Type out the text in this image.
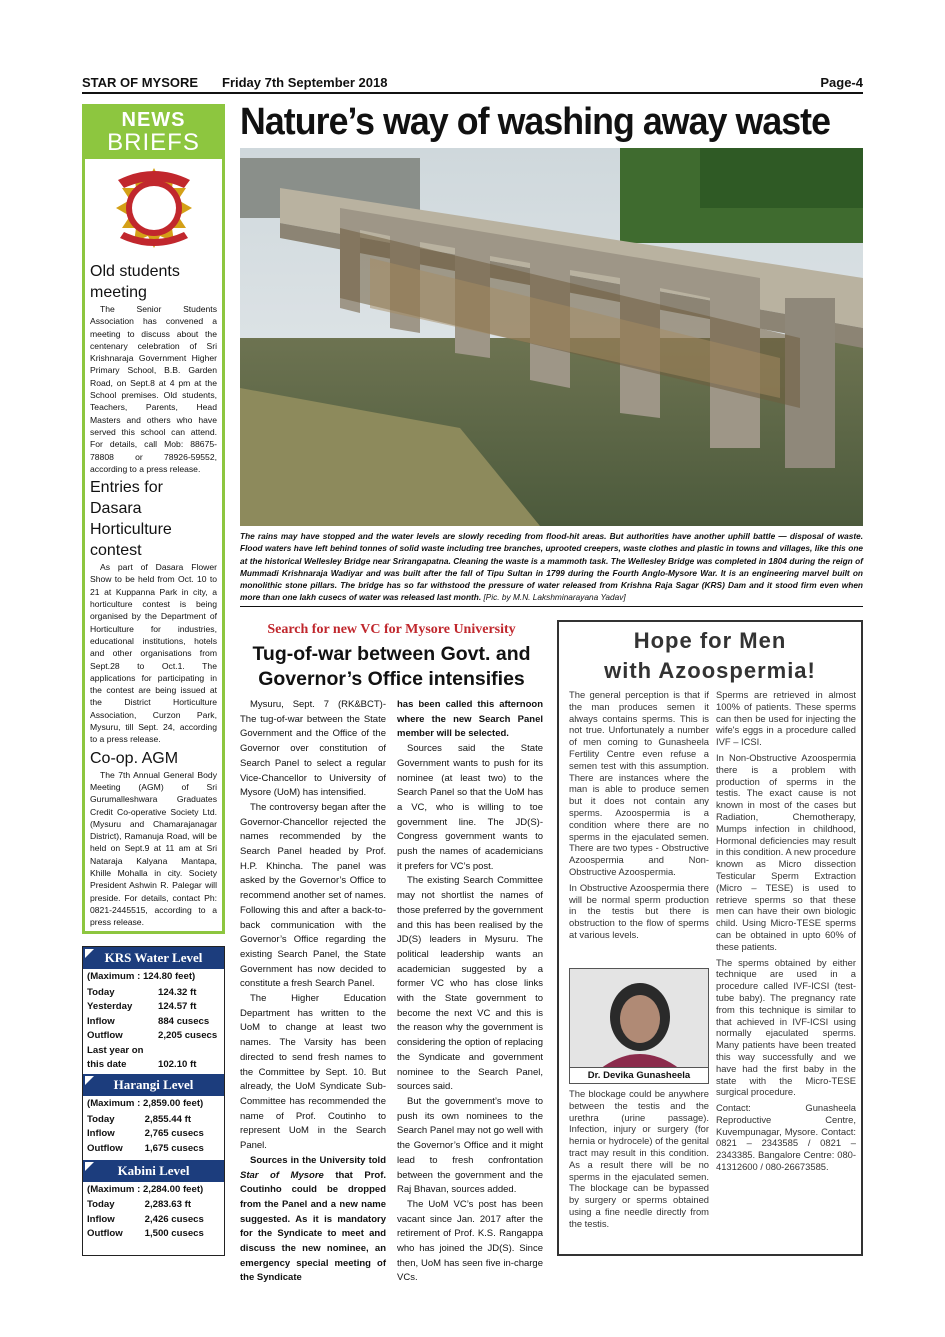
STAR OF MYSORE Friday 7th September 2018	Page-4
NEWS
BRIEFS
Old students meeting

The Senior Students Association has convened a meeting to discuss about the centenary celebration of Sri Krishnaraja Government Higher Primary School, B.B. Garden Road, on Sept.8 at 4 pm at the School premises. Old students, Teachers, Parents, Head Masters and others who have served this school can attend. For details, call Mob: 88675-78808 or 78926-59552, according to a press release.

Entries for Dasara Horticulture contest

As part of Dasara Flower Show to be held from Oct. 10 to 21 at Kuppanna Park in city, a horticulture contest is being organised by the Department of Horticulture for industries, educational institutions, hotels and other organisations from Sept.28 to Oct.1. The applications for participating in the contest are being issued at the District Horticulture Association, Curzon Park, Mysuru, till Sept. 24, according to a press release.

Co-op. AGM

The 7th Annual General Body Meeting (AGM) of Sri Gurumalleshwara Graduates Credit Co-operative Society Ltd. (Mysuru and Chamarajanagar District), Ramanuja Road, will be held on Sept.9 at 11 am at Sri Nataraja Kalyana Mantapa, Khille Mohalla in city. Society President Ashwin R. Palegar will preside. For details, contact Ph: 0821-2445515, according to a press release.

KRS Water Level
(Maximum : 124.80 feet)
Today	124.32 ft
Yesterday	124.57 ft
Inflow	884 cusecs
Outflow	2,205 cusecs
Last year on	
this date	102.10 ft
Harangi Level
(Maximum : 2,859.00 feet)
Today	2,855.44 ft
Inflow	2,765 cusecs
Outflow	1,675 cusecs
Kabini Level
(Maximum : 2,284.00 feet)
Today	2,283.63 ft
Inflow	2,426 cusecs
Outflow	1,500 cusecs
Nature’s way of washing away waste
The rains may have stopped and the water levels are slowly receding from flood-hit areas. But authorities have another uphill battle — disposal of waste. Flood waters have left behind tonnes of solid waste including tree branches, uprooted creepers, waste clothes and plastic in towns and villages, like this one at the historical Wellesley Bridge near Srirangapatna. Cleaning the waste is a mammoth task. The Wellesley Bridge was completed in 1804 during the reign of Mummadi Krishnaraja Wadiyar and was built after the fall of Tipu Sultan in 1799 during the Fourth Anglo-Mysore War. It is an engineering marvel built on monolithic stone pillars. The bridge has so far withstood the pressure of water released from Krishna Raja Sagar (KRS) Dam and it stood firm even when more than one lakh cusecs of water was released last month. [Pic. by M.N. Lakshminarayana Yadav]
Search for new VC for Mysore University
Tug-of-war between Govt. and Governor’s Office intensifies

Mysuru, Sept. 7 (RK&BCT)- The tug-of-war between the State Government and the Office of the Governor over constitution of Search Panel to select a regular Vice-Chancellor to University of Mysore (UoM) has intensified.

The controversy began after the Governor-Chancellor rejected the names recommended by the Search Panel headed by Prof. H.P. Khincha. The panel was asked by the Governor’s Office to recommend another set of names. Following this and after a back-to-back communication with the Governor’s Office regarding the existing Search Panel, the State Government has now decided to constitute a fresh Search Panel.

The Higher Education Department has written to the UoM to change at least two names. The Varsity has been directed to send fresh names to the Committee by Sept. 10. But already, the UoM Syndicate Sub-Committee has recommended the name of Prof. Coutinho to represent UoM in the Search Panel.

Sources in the University told Star of Mysore that Prof. Coutinho could be dropped from the Panel and a new name suggested. As it is mandatory for the Syndicate to meet and discuss the new nominee, an emergency special meeting of the Syndicate

has been called this afternoon where the new Search Panel member will be selected.

Sources said the State Government wants to push for its nominee (at least two) to the Search Panel so that the UoM has a VC, who is willing to toe government line. The JD(S)-Congress government wants to push the names of academicians it prefers for VC’s post.

The existing Search Committee may not shortlist the names of those preferred by the government and this has been realised by the JD(S) leaders in Mysuru. The political leadership wants an academician suggested by a former VC who has close links with the State government to become the next VC and this is the reason why the government is considering the option of replacing the Syndicate and government nominee to the Search Panel, sources said.

But the government’s move to push its own nominees to the Search Panel may not go well with the Governor’s Office and it might lead to fresh confrontation between the government and the Raj Bhavan, sources added.

The UoM VC’s post has been vacant since Jan. 2017 after the retirement of Prof. K.S. Rangappa who has joined the JD(S). Since then, UoM has seen five in-charge VCs.

Hope for Men
with Azoospermia!

The general perception is that if the man produces semen it always contains sperms. This is not true. Unfortunately a number of men coming to Gunasheela Fertility Centre even refuse a semen test with this assumption. There are instances where the man is able to produce semen but it does not contain any sperms. Azoospermia is a condition where there are no sperms in the ejaculated semen. There are two types - Obstructive Azoospermia and Non-Obstructive Azoospermia.

In Obstructive Azoospermia there will be normal sperm production in the testis but there is obstruction to the flow of sperms at various levels.

Dr. Devika Gunasheela
The blockage could be anywhere between the testis and the urethra (urine passage). Infection, injury or surgery (for hernia or hydrocele) of the genital tract may result in this condition. As a result there will be no sperms in the ejaculated semen. The blockage can be bypassed by surgery or sperms obtained using a fine needle directly from the testis.

Sperms are retrieved in almost 100% of patients. These sperms can then be used for injecting the wife's eggs in a procedure called IVF – ICSI.

In Non-Obstructive Azoospermia there is a problem with production of sperms in the testis. The exact cause is not known in most of the cases but Radiation, Chemotherapy, Mumps infection in childhood, Hormonal deficiencies may result in this condition. A new procedure known as Micro dissection Testicular Sperm Extraction (Micro – TESE) is used to retrieve sperms so that these men can have their own biologic child. Using Micro-TESE sperms can be obtained in upto 60% of these patients.

The sperms obtained by either technique are used in a procedure called IVF-ICSI (test-tube baby). The pregnancy rate from this technique is similar to that achieved in IVF-ICSI using normally ejaculated sperms. Many patients have been treated this way successfully and we have had the first baby in the state with the Micro-TESE surgical procedure.

Contact: Gunasheela Reproductive Centre, Kuvempunagar, Mysore. Contact: 0821 – 2343585 / 0821 – 2343385. Bangalore Centre: 080-41312600 / 080-26673585.
